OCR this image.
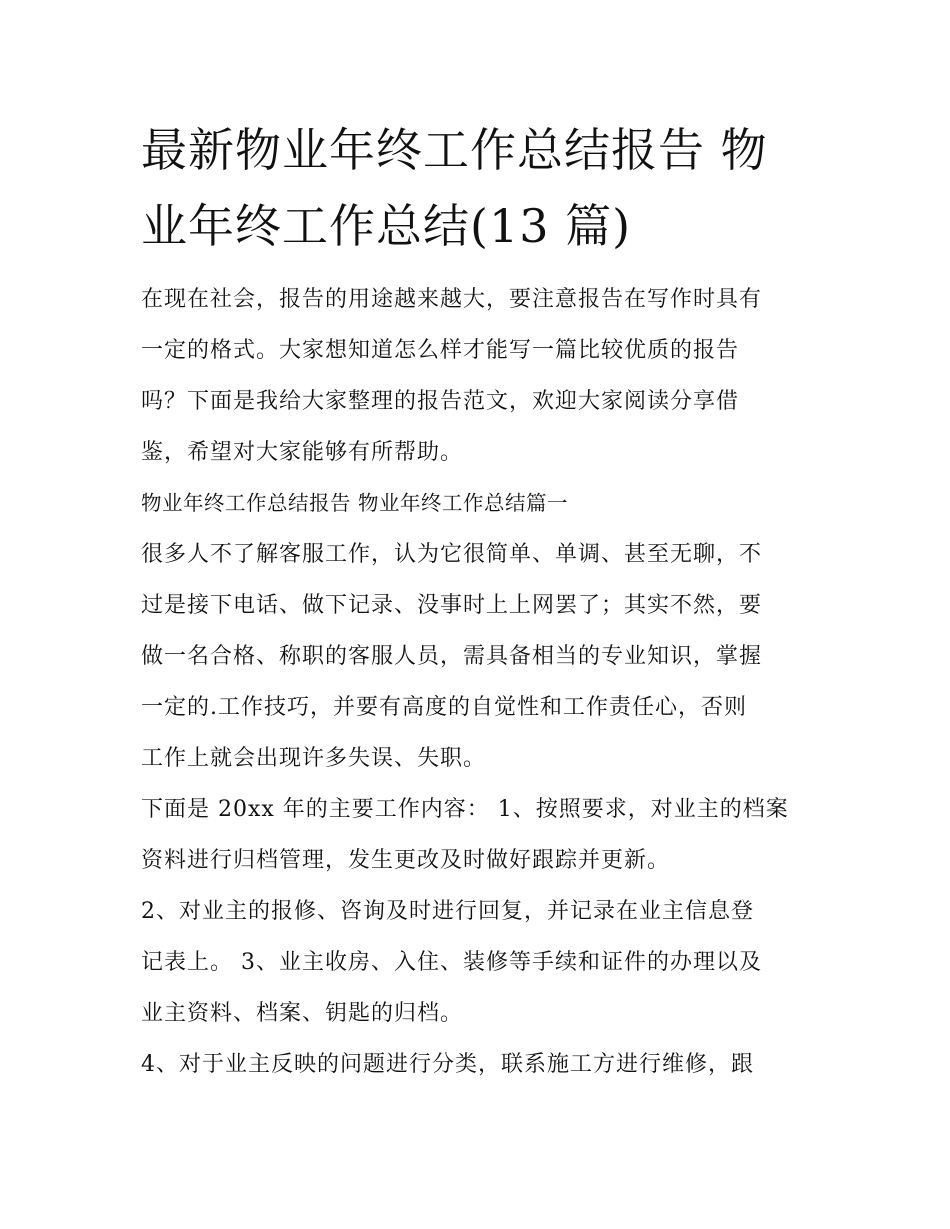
最新物业年终工作总结报告 物
业年终工作总结(13 篇)

在现在社会，报告的用途越来越大，要注意报告在写作时具有
一定的格式。大家想知道怎么样才能写一篇比较优质的报告
吗？下面是我给大家整理的报告范文，欢迎大家阅读分享借
鉴，希望对大家能够有所帮助。

物业年终工作总结报告 物业年终工作总结篇一

很多人不了解客服工作，认为它很简单、单调、甚至无聊，不
过是接下电话、做下记录、没事时上上网罢了；其实不然，要
做一名合格、称职的客服人员，需具备相当的专业知识，掌握
一定的.工作技巧，并要有高度的自觉性和工作责任心，否则
工作上就会出现许多失误、失职。

下面是 20xx 年的主要工作内容： 1、按照要求，对业主的档案
资料进行归档管理，发生更改及时做好跟踪并更新。

2、对业主的报修、咨询及时进行回复，并记录在业主信息登
记表上。 3、业主收房、入住、装修等手续和证件的办理以及
业主资料、档案、钥匙的归档。

4、对于业主反映的问题进行分类，联系施工方进行维修，跟
